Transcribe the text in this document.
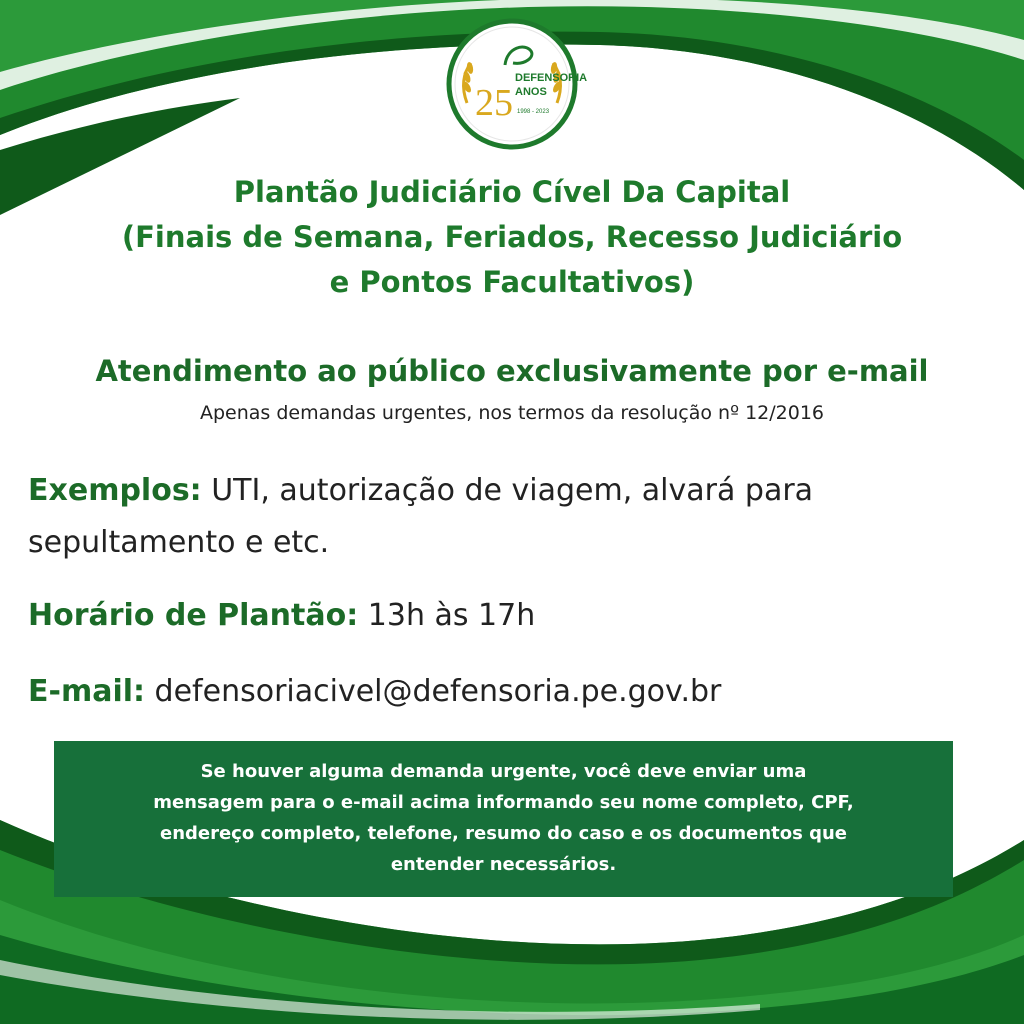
DEFENSORIA
25 ANOS
1998 - 2023
Plantão Judiciário Cível Da Capital
(Finais de Semana, Feriados, Recesso Judiciário
e Pontos Facultativos)
Atendimento ao público exclusivamente por e-mail
Apenas demandas urgentes, nos termos da resolução nº 12/2016
Exemplos: UTI, autorização de viagem, alvará para sepultamento e etc.
Horário de Plantão: 13h às 17h
E-mail: defensoriacivel@defensoria.pe.gov.br
Se houver alguma demanda urgente, você deve enviar uma
mensagem para o e-mail acima informando seu nome completo, CPF,
endereço completo, telefone, resumo do caso e os documentos que
entender necessários.
